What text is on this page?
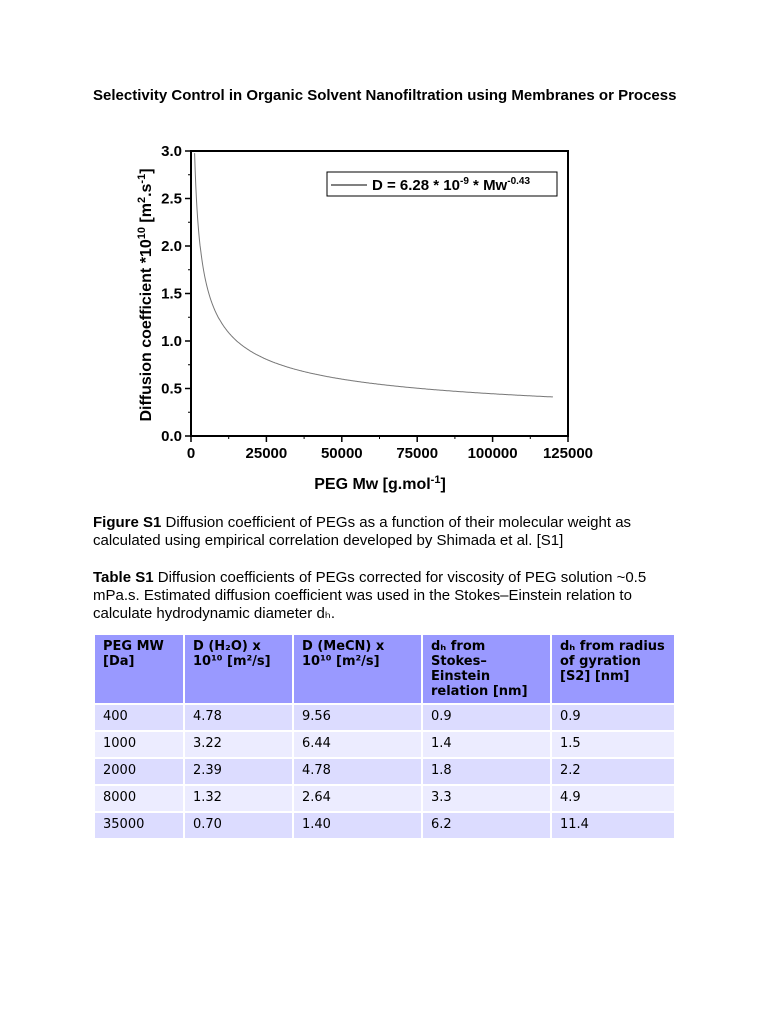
Selectivity Control in Organic Solvent Nanofiltration using Membranes or Process
0	25000 50000 75000 100000 125000
0.0
0.5
1.0
1.5
2.0
2.5
3.0
$D = 6.28 * 10^{-9} * Mw^{-0.43}$
PEG Mw [g.mol$^{-1}$]
Diffusion coefficient $*10^{10}$ $[m^2.s^{-1}]$
Figure S1 Diffusion coefficient of PEGs as a function of their molecular weight as calculated using empirical correlation developed by Shimada et al. [S1]
Table S1 Diffusion coefficients of PEGs corrected for viscosity of PEG solution ~0.5 mPa.s. Estimated diffusion coefficient was used in the Stokes–Einstein relation to calculate hydrodynamic diameter dₕ.
PEG MW [Da]	D (H₂O) x 10¹⁰ [m²/s]	D (MeCN) x 10¹⁰ [m²/s]	dₕ from Stokes–Einstein relation [nm]	dₕ from radius of gyration [S2] [nm]
400	4.78	9.56	0.9	0.9
1000	3.22	6.44	1.4	1.5
2000	2.39	4.78	1.8	2.2
8000	1.32	2.64	3.3	4.9
35000	0.70	1.40	6.2	11.4
